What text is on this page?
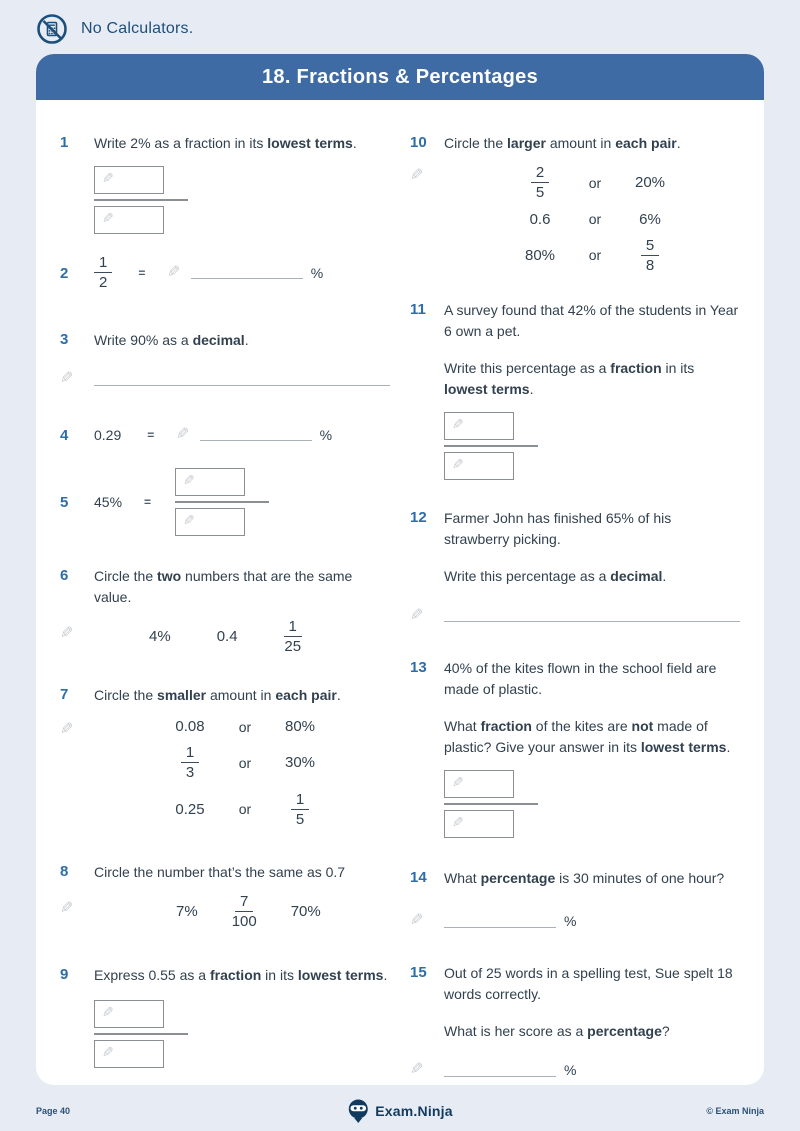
No Calculators.
18. Fractions & Percentages
1	Write 2% as a fraction in its lowest terms.

✎
✎
2	$\frac{1}{2}$ = ✎	%
3	Write 90% as a decimal.

✎
4	0.29 = ✎	%
5	$45\% = \frac{✎}{✎}$
6	Circle the two numbers that are the same value.

✎	4%	0.4	$\frac{1}{25}$
7	Circle the smaller amount in each pair.

✎	0.08	or	80%
$\frac{1}{3}$	or	30%
0.25	or	$\frac{1}{5}$
8	Circle the number that’s the same as 0.7

✎	$7\% \frac{7}{100} 70\%$
9	Express 0.55 as a fraction in its lowest terms.

✎
✎
10	Circle the larger amount in each pair.

✎	$\frac{2}{5}$	or	20%
0.6	or	6%
80%	or	$\frac{5}{8}$
11	A survey found that 42% of the students in Year 6 own a pet.

Write this percentage as a fraction in its lowest terms.

✎
✎
12	Farmer John has finished 65% of his strawberry picking.

Write this percentage as a decimal.

✎
13	40% of the kites flown in the school field are made of plastic.

What fraction of the kites are not made of plastic? Give your answer in its lowest terms.

✎
✎
14	What percentage is 30 minutes of one hour?

✎	%
15	Out of 25 words in a spelling test, Sue spelt 18 words correctly.

What is her score as a percentage?

✎	%
Page 40	Exam.Ninja	© Exam Ninja
